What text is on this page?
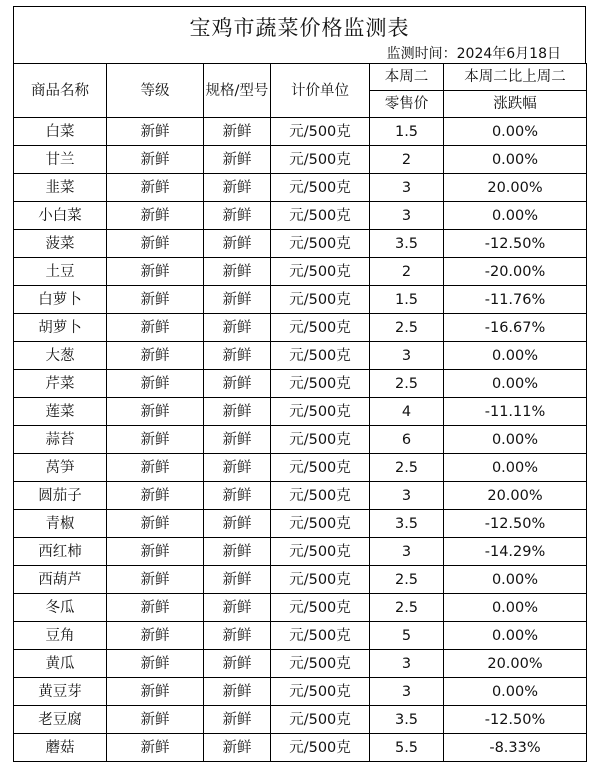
宝鸡市蔬菜价格监测表
监测时间：2024年6月18日
商品名称	等级	规格/型号	计价单位	本周二	本周二比上周二
				零售价	涨跌幅
白菜	新鲜	新鲜	元/500克	1.5	0.00%
甘兰	新鲜	新鲜	元/500克	2	0.00%
韭菜	新鲜	新鲜	元/500克	3	20.00%
小白菜	新鲜	新鲜	元/500克	3	0.00%
菠菜	新鲜	新鲜	元/500克	3.5	-12.50%
土豆	新鲜	新鲜	元/500克	2	-20.00%
白萝卜	新鲜	新鲜	元/500克	1.5	-11.76%
胡萝卜	新鲜	新鲜	元/500克	2.5	-16.67%
大葱	新鲜	新鲜	元/500克	3	0.00%
芹菜	新鲜	新鲜	元/500克	2.5	0.00%
莲菜	新鲜	新鲜	元/500克	4	-11.11%
蒜苔	新鲜	新鲜	元/500克	6	0.00%
莴笋	新鲜	新鲜	元/500克	2.5	0.00%
圆茄子	新鲜	新鲜	元/500克	3	20.00%
青椒	新鲜	新鲜	元/500克	3.5	-12.50%
西红柿	新鲜	新鲜	元/500克	3	-14.29%
西葫芦	新鲜	新鲜	元/500克	2.5	0.00%
冬瓜	新鲜	新鲜	元/500克	2.5	0.00%
豆角	新鲜	新鲜	元/500克	5	0.00%
黄瓜	新鲜	新鲜	元/500克	3	20.00%
黄豆芽	新鲜	新鲜	元/500克	3	0.00%
老豆腐	新鲜	新鲜	元/500克	3.5	-12.50%
蘑菇	新鲜	新鲜	元/500克	5.5	-8.33%
